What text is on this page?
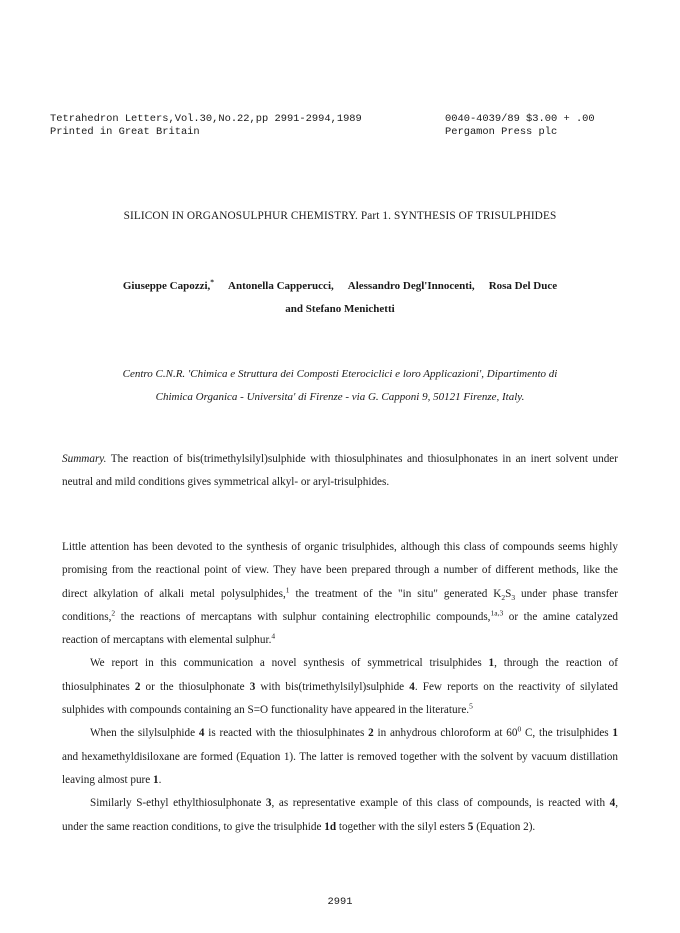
Tetrahedron Letters,Vol.30,No.22,pp 2991-2994,1989
Printed in Great Britain
0040-4039/89 $3.00 + .00
Pergamon Press plc
SILICON IN ORGANOSULPHUR CHEMISTRY. Part 1. SYNTHESIS OF TRISULPHIDES
Giuseppe Capozzi,* Antonella Capperucci, Alessandro Degl'Innocenti, Rosa Del Duce
and Stefano Menichetti
Centro C.N.R. 'Chimica e Struttura dei Composti Eterociclici e loro Applicazioni', Dipartimento di
Chimica Organica - Universita' di Firenze - via G. Capponi 9, 50121 Firenze, Italy.
Summary. The reaction of bis(trimethylsilyl)sulphide with thiosulphinates and thiosulphonates in an inert solvent under neutral and mild conditions gives symmetrical alkyl- or aryl-trisulphides.

Little attention has been devoted to the synthesis of organic trisulphides, although this class of compounds seems highly promising from the reactional point of view. They have been prepared through a number of different methods, like the direct alkylation of alkali metal polysulphides,$^1$ the treatment of the "in situ" generated $K_2S_3$ under phase transfer conditions,$^2$ the reactions of mercaptans with sulphur containing electrophilic compounds,$^{1a,3}$ or the amine catalyzed reaction of mercaptans with elemental sulphur.$^4$

We report in this communication a novel synthesis of symmetrical trisulphides 1, through the reaction of thiosulphinates 2 or the thiosulphonate 3 with bis(trimethylsilyl)sulphide 4. Few reports on the reactivity of silylated sulphides with compounds containing an S=O functionality have appeared in the literature.$^5$

When the silylsulphide 4 is reacted with the thiosulphinates 2 in anhydrous chloroform at $60^0$ C, the trisulphides 1 and hexamethyldisiloxane are formed (Equation 1). The latter is removed together with the solvent by vacuum distillation leaving almost pure 1.

Similarly S-ethyl ethylthiosulphonate 3, as representative example of this class of compounds, is reacted with 4, under the same reaction conditions, to give the trisulphide 1d together with the silyl esters 5 (Equation 2).

2991
